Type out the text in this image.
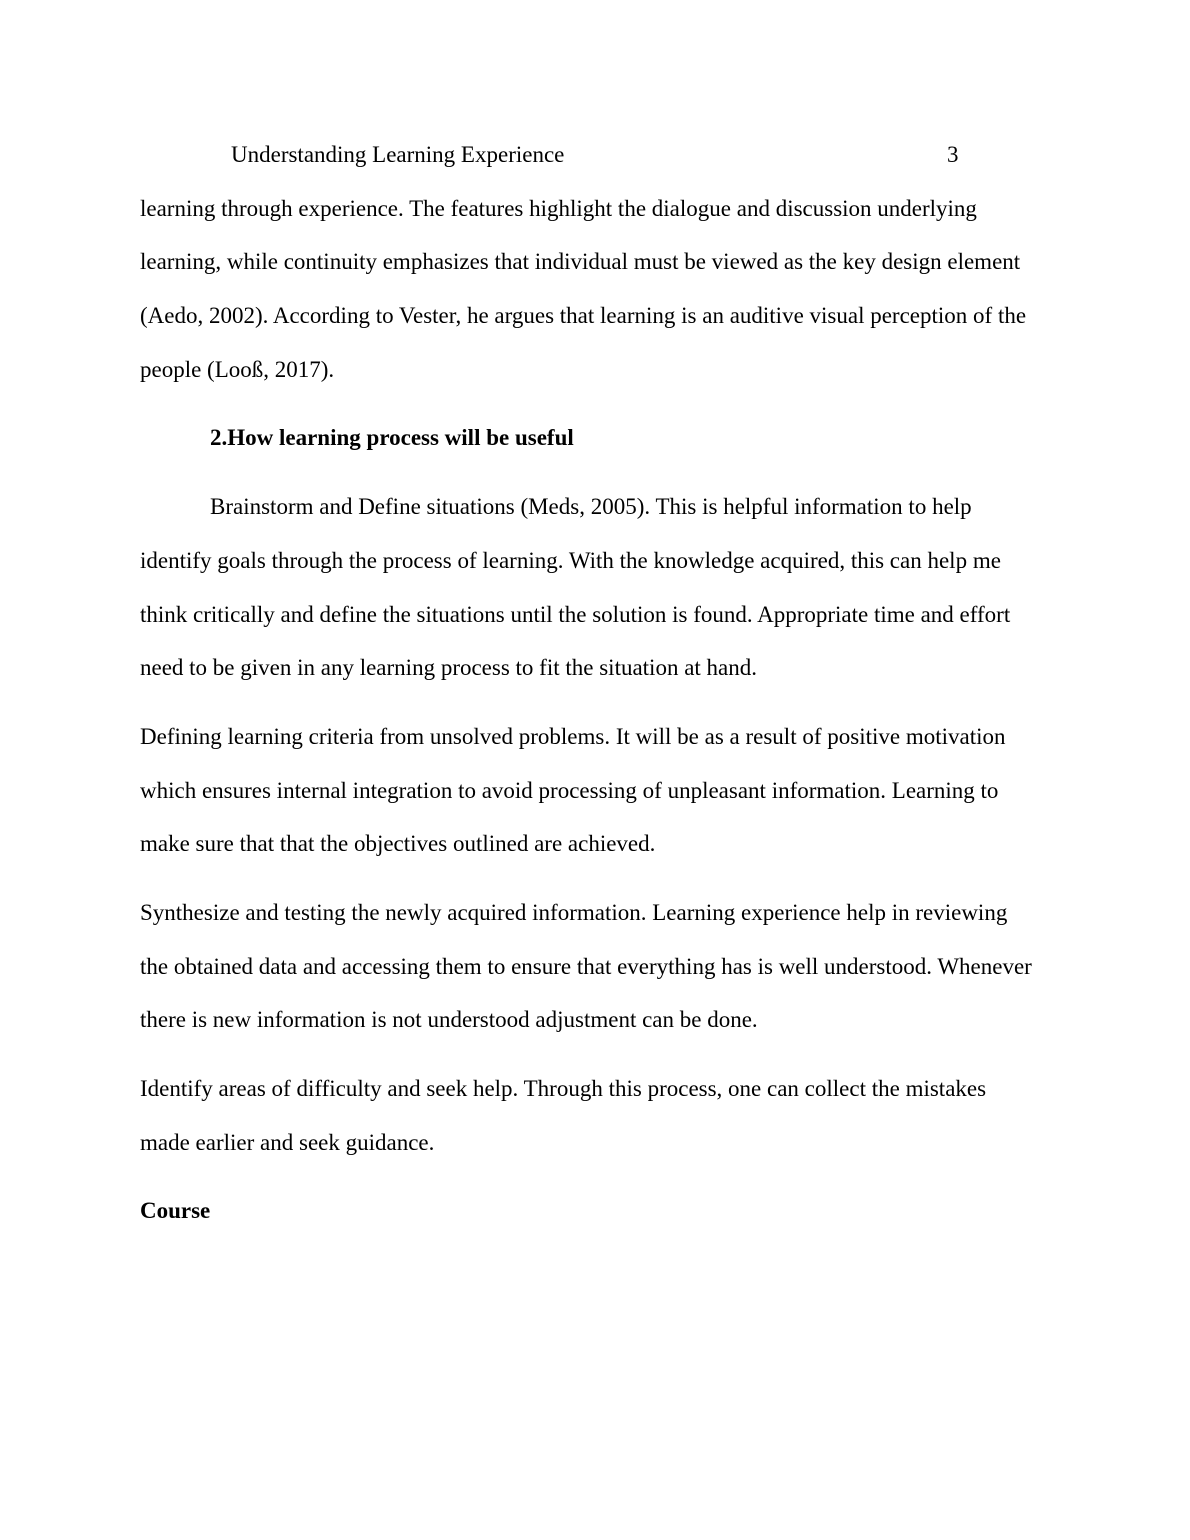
Understanding Learning Experience	3
learning through experience. The features highlight the dialogue and discussion underlying
learning, while continuity emphasizes that individual must be viewed as the key design element
(Aedo, 2002). According to Vester, he argues that learning is an auditive visual perception of the
people (Looß, 2017).
2.How learning process will be useful
Brainstorm and Define situations (Meds, 2005). This is helpful information to help
identify goals through the process of learning. With the knowledge acquired, this can help me
think critically and define the situations until the solution is found. Appropriate time and effort
need to be given in any learning process to fit the situation at hand.
Defining learning criteria from unsolved problems. It will be as a result of positive motivation
which ensures internal integration to avoid processing of unpleasant information. Learning to
make sure that that the objectives outlined are achieved.
Synthesize and testing the newly acquired information. Learning experience help in reviewing
the obtained data and accessing them to ensure that everything has is well understood. Whenever
there is new information is not understood adjustment can be done.
Identify areas of difficulty and seek help. Through this process, one can collect the mistakes
made earlier and seek guidance.
Course
